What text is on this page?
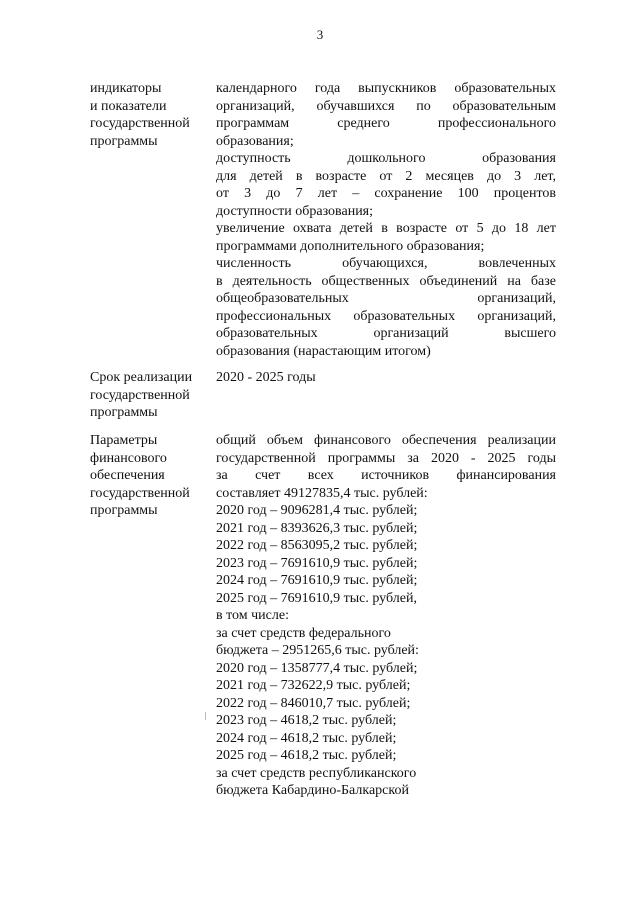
3
индикаторы
и показатели
государственной
программы
календарного года выпускников образовательных
организаций, обучавшихся по образовательным
программам среднего профессионального
образования;
доступность дошкольного образования
для детей в возрасте от 2 месяцев до 3 лет,
от 3 до 7 лет – сохранение 100 процентов
доступности образования;
увеличение охвата детей в возрасте от 5 до 18 лет
программами дополнительного образования;
численность обучающихся, вовлеченных
в деятельность общественных объединений на базе
общеобразовательных организаций,
профессиональных образовательных организаций,
образовательных организаций высшего
образования (нарастающим итогом)
Срок реализации
государственной
программы
2020 - 2025 годы
Параметры
финансового
обеспечения
государственной
программы
общий объем финансового обеспечения реализации
государственной программы за 2020 - 2025 годы
за счет всех источников финансирования
составляет 49127835,4 тыс. рублей:
2020 год – 9096281,4 тыс. рублей;
2021 год – 8393626,3 тыс. рублей;
2022 год – 8563095,2 тыс. рублей;
2023 год – 7691610,9 тыс. рублей;
2024 год – 7691610,9 тыс. рублей;
2025 год – 7691610,9 тыс. рублей,
в том числе:
за счет средств федерального
бюджета – 2951265,6 тыс. рублей:
2020 год – 1358777,4 тыс. рублей;
2021 год – 732622,9 тыс. рублей;
2022 год – 846010,7 тыс. рублей;
2023 год – 4618,2 тыс. рублей;
2024 год – 4618,2 тыс. рублей;
2025 год – 4618,2 тыс. рублей;
за счет средств республиканского
бюджета Кабардино-Балкарской
